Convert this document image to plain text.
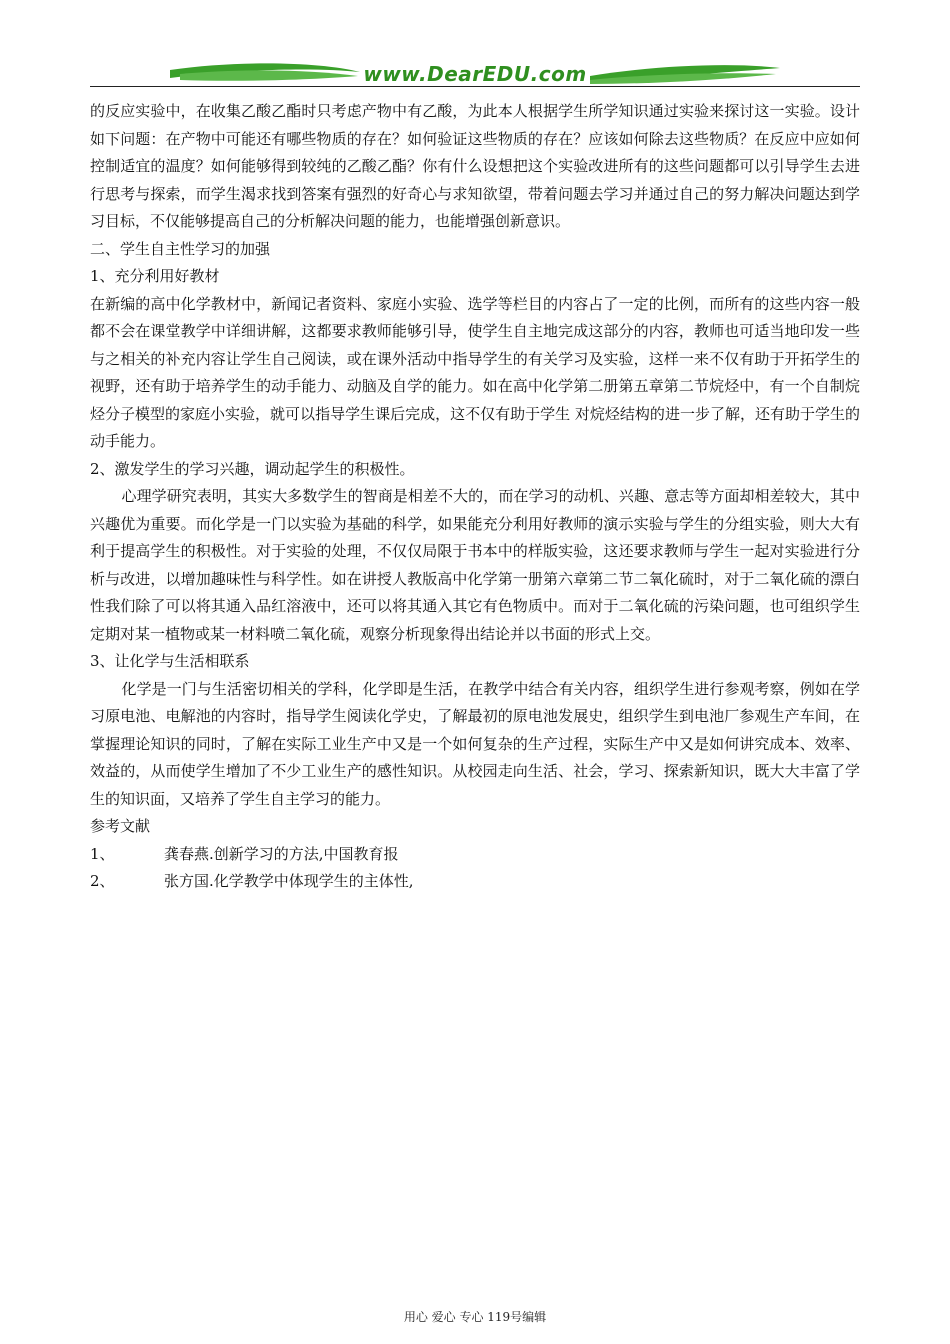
www.DearEDU.com

的反应实验中，在收集乙酸乙酯时只考虑产物中有乙酸，为此本人根据学生所学知识通过实验来探讨这一实验。设计如下问题：在产物中可能还有哪些物质的存在？如何验证这些物质的存在？应该如何除去这些物质？在反应中应如何控制适宜的温度？如何能够得到较纯的乙酸乙酯？你有什么设想把这个实验改进所有的这些问题都可以引导学生去进行思考与探索，而学生渴求找到答案有强烈的好奇心与求知欲望，带着问题去学习并通过自己的努力解决问题达到学习目标，不仅能够提高自己的分析解决问题的能力，也能增强创新意识。

二、学生自主性学习的加强

1、充分利用好教材

在新编的高中化学教材中，新闻记者资料、家庭小实验、选学等栏目的内容占了一定的比例，而所有的这些内容一般都不会在课堂教学中详细讲解，这都要求教师能够引导，使学生自主地完成这部分的内容，教师也可适当地印发一些与之相关的补充内容让学生自己阅读，或在课外活动中指导学生的有关学习及实验，这样一来不仅有助于开拓学生的视野，还有助于培养学生的动手能力、动脑及自学的能力。如在高中化学第二册第五章第二节烷烃中，有一个自制烷烃分子模型的家庭小实验，就可以指导学生课后完成，这不仅有助于学生 对烷烃结构的进一步了解，还有助于学生的动手能力。

2、激发学生的学习兴趣，调动起学生的积极性。

心理学研究表明，其实大多数学生的智商是相差不大的，而在学习的动机、兴趣、意志等方面却相差较大，其中兴趣优为重要。而化学是一门以实验为基础的科学，如果能充分利用好教师的演示实验与学生的分组实验，则大大有利于提高学生的积极性。对于实验的处理，不仅仅局限于书本中的样版实验，这还要求教师与学生一起对实验进行分析与改进，以增加趣味性与科学性。如在讲授人教版高中化学第一册第六章第二节二氧化硫时，对于二氧化硫的漂白性我们除了可以将其通入品红溶液中，还可以将其通入其它有色物质中。而对于二氧化硫的污染问题，也可组织学生定期对某一植物或某一材料喷二氧化硫，观察分析现象得出结论并以书面的形式上交。

3、让化学与生活相联系

化学是一门与生活密切相关的学科，化学即是生活，在教学中结合有关内容，组织学生进行参观考察，例如在学习原电池、电解池的内容时，指导学生阅读化学史，了解最初的原电池发展史，组织学生到电池厂参观生产车间，在掌握理论知识的同时，了解在实际工业生产中又是一个如何复杂的生产过程，实际生产中又是如何讲究成本、效率、效益的，从而使学生增加了不少工业生产的感性知识。从校园走向生活、社会，学习、探索新知识，既大大丰富了学生的知识面，又培养了学生自主学习的能力。

参考文献

1、	龚春燕.创新学习的方法,中国教育报
2、	张方国.化学教学中体现学生的主体性,
用心 爱心 专心 119号编辑
